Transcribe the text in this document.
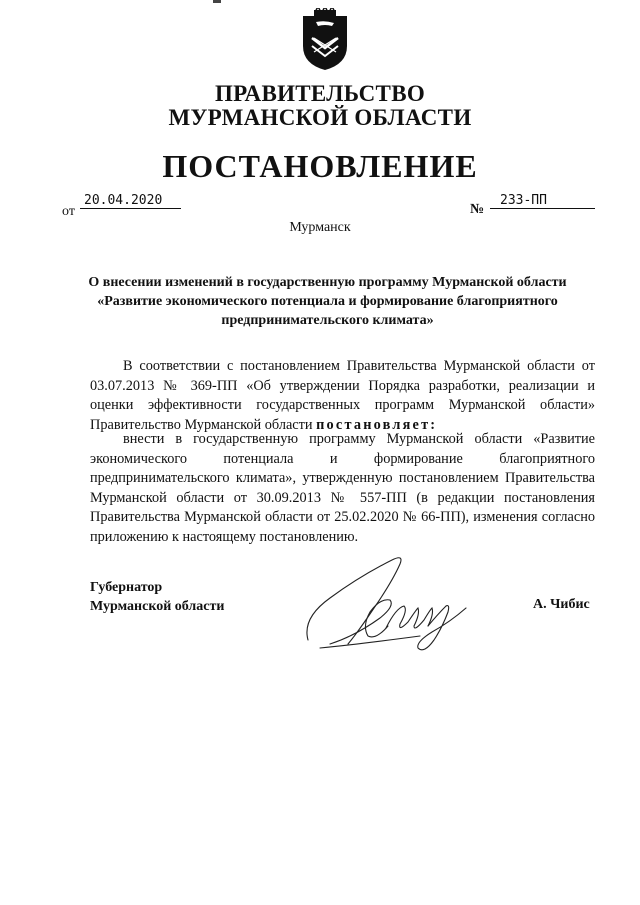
ПРАВИТЕЛЬСТВО
МУРМАНСКОЙ ОБЛАСТИ
ПОСТАНОВЛЕНИЕ
от
20.04.2020
№
233-ПП
Мурманск
О внесении изменений в государственную программу Мурманской области
«Развитие экономического потенциала и формирование благоприятного
предпринимательского климата»
В соответствии с постановлением Правительства Мурманской области от 03.07.2013 № 369-ПП «Об утверждении Порядка разработки, реализации и оценки эффективности государственных программ Мурманской области» Правительство Мурманской области постановляет:
внести в государственную программу Мурманской области «Развитие экономического потенциала и формирование благоприятного предпринимательского климата», утвержденную постановлением Правительства Мурманской области от 30.09.2013 № 557-ПП (в редакции постановления Правительства Мурманской области от 25.02.2020 № 66-ПП), изменения согласно приложению к настоящему постановлению.
Губернатор
Мурманской области	А. Чибис
